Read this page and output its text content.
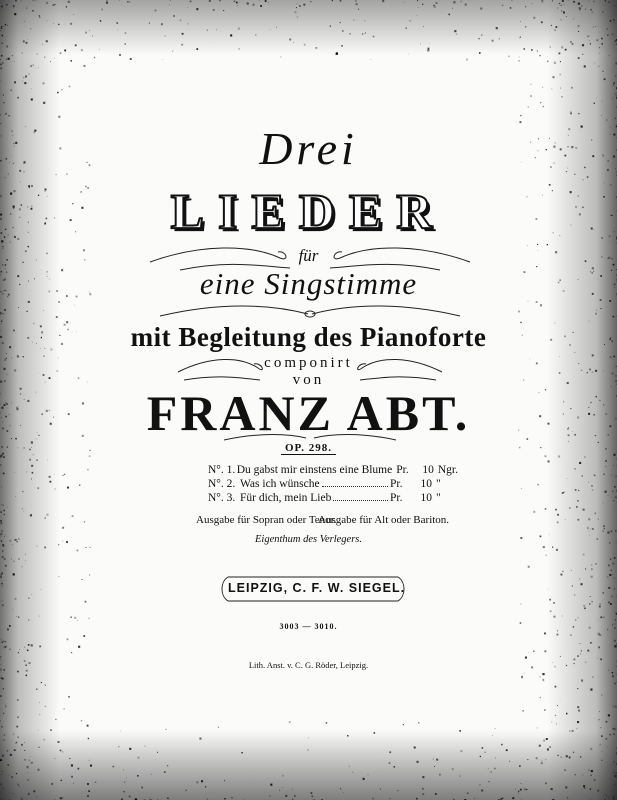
Drei
LIEDER
für
eine Singstimme
mit Begleitung des Pianoforte
componirt
von
FRANZ ABT.
OP. 298.
N°. 1. Du gabst mir einstens eine Blume Pr.	10 Ngr.
N°. 2. Was ich wünsche	Pr.	10 "
N°. 3. Für dich, mein Lieb	Pr.	10 "
Ausgabe für Sopran oder Tenor.
Ausgabe für Alt oder Bariton.
Eigenthum des Verlegers.
LEIPZIG, C. F. W. SIEGEL.
3003 — 3010.
Lith. Anst. v. C. G. Röder, Leipzig.
